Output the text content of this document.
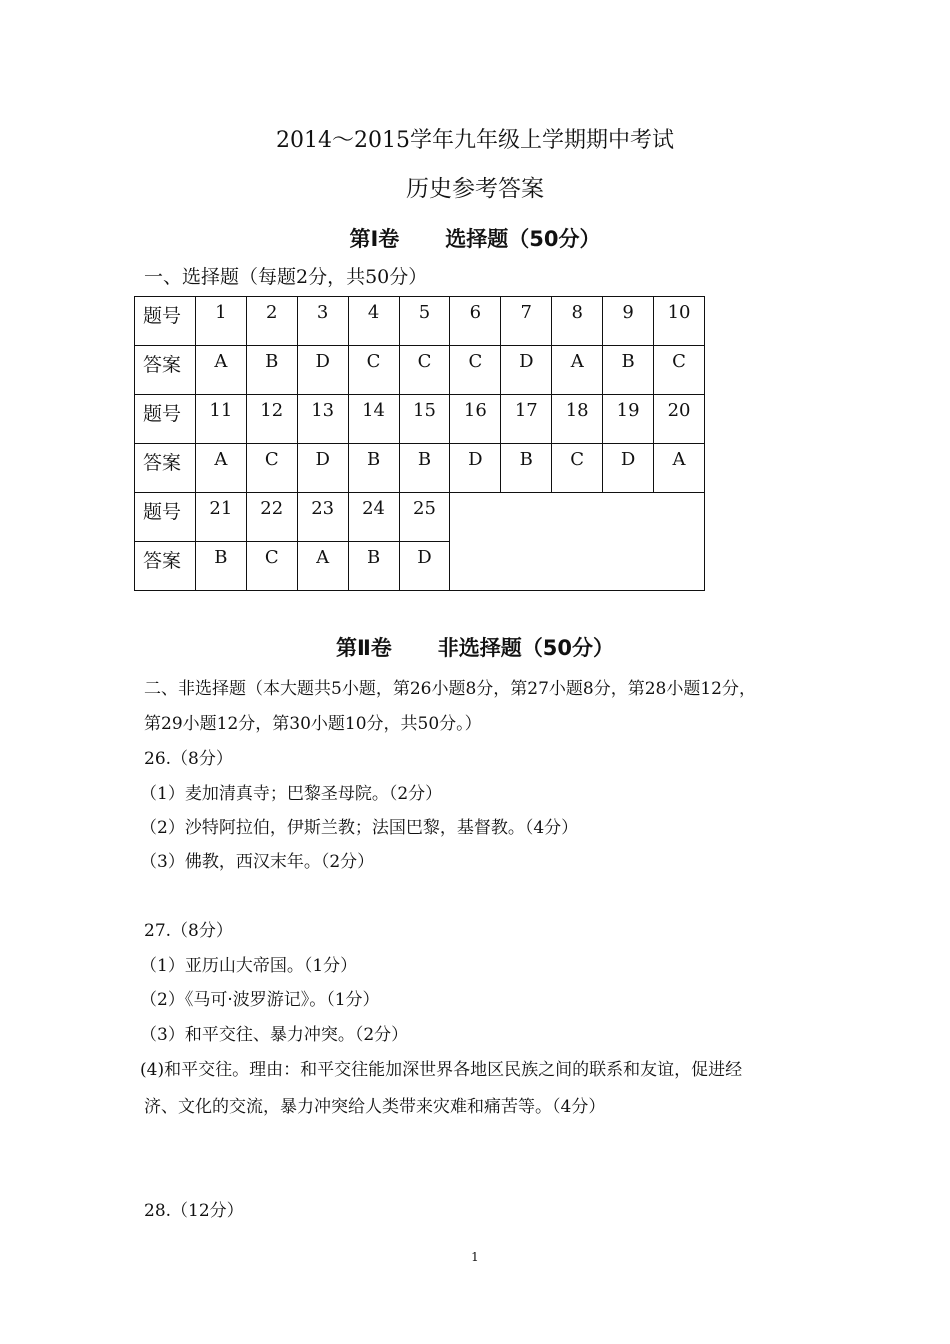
2014～2015学年九年级上学期期中考试
历史参考答案
第Ⅰ卷 选择题（50分）
一、选择题（每题2分，共50分）
题号	1	2	3	4	5	6	7	8	9	10
答案	A	B	D	C	C	C	D	A	B	C
题号	11	12	13	14	15	16	17	18	19	20
答案	A	C	D	B	B	D	B	C	D	A
题号	21	22	23	24	25					
答案	B	C	A	B	D					
第Ⅱ卷 非选择题（50分）
二、非选择题（本大题共5小题，第26小题8分，第27小题8分，第28小题12分，
第29小题12分，第30小题10分，共50分。）
26.（8分）
（1）麦加清真寺；巴黎圣母院。（2分）
（2）沙特阿拉伯，伊斯兰教；法国巴黎，基督教。（4分）
（3）佛教，西汉末年。（2分）
27.（8分）
（1）亚历山大帝国。（1分）
（2）《马可·波罗游记》。（1分）
（3）和平交往、暴力冲突。（2分）
(4)和平交往。理由：和平交往能加深世界各地区民族之间的联系和友谊，促进经
济、文化的交流，暴力冲突给人类带来灾难和痛苦等。（4分）
28.（12分）
1
